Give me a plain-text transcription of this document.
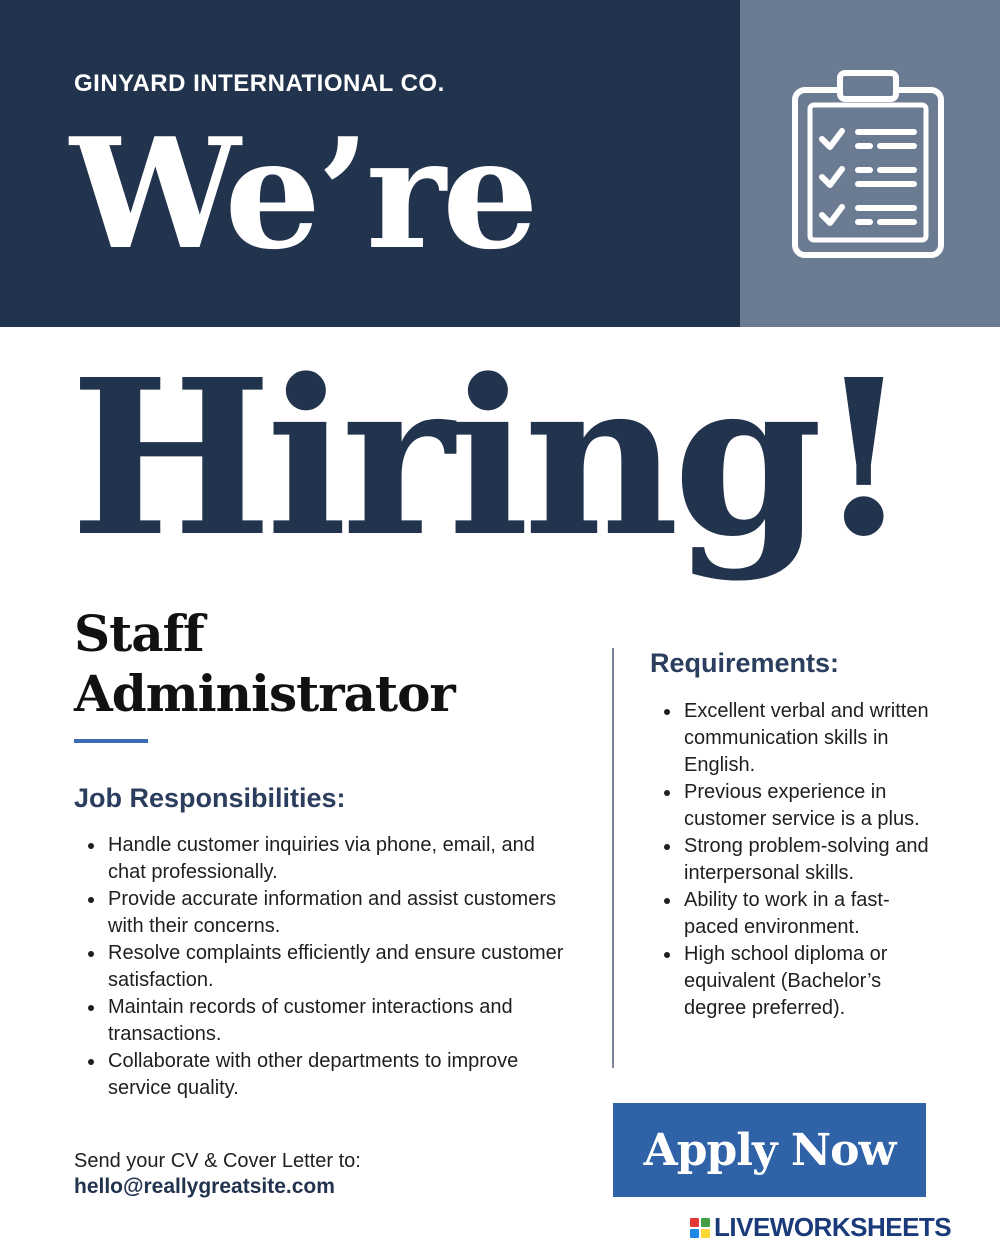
GINYARD INTERNATIONAL CO.
We’re
Hiring!
Staff
Administrator
Job Responsibilities:
Handle customer inquiries via phone, email, and chat professionally.
Provide accurate information and assist customers with their concerns.
Resolve complaints efficiently and ensure customer satisfaction.
Maintain records of customer interactions and transactions.
Collaborate with other departments to improve service quality.
Requirements:
Excellent verbal and written communication skills in English.
Previous experience in customer service is a plus.
Strong problem-solving and interpersonal skills.
Ability to work in a fast-paced environment.
High school diploma or equivalent (Bachelor’s degree preferred).
Send your CV & Cover Letter to:
hello@reallygreatsite.com
Apply Now
LIVEWORKSHEETS
